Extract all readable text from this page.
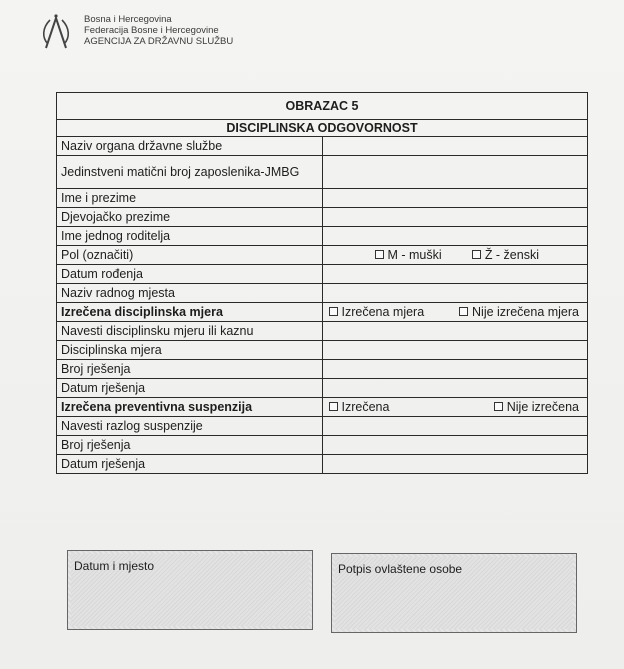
Bosna i Hercegovina
Federacija Bosne i Hercegovine
AGENCIJA ZA DRŽAVNU SLUŽBU
OBRAZAC 5	
DISCIPLINSKA ODGOVORNOST	
Naziv organa državne službe	
Jedinstveni matični broj zaposlenika-JMBG	
Ime i prezime	
Djevojačko prezime	
Ime jednog roditelja	
Pol (označiti)	M - muški Ž - ženski

Datum rođenja	
Naziv radnog mjesta	
Izrečena disciplinska mjera	Izrečena mjera Nije izrečena mjera

Navesti disciplinsku mjeru ili kaznu	
Disciplinska mjera	
Broj rješenja	
Datum rješenja	
Izrečena preventivna suspenzija	Izrečena Nije izrečena

Navesti razlog suspenzije	
Broj rješenja	
Datum rješenja	
Datum i mjesto	Potpis ovlaštene osobe
